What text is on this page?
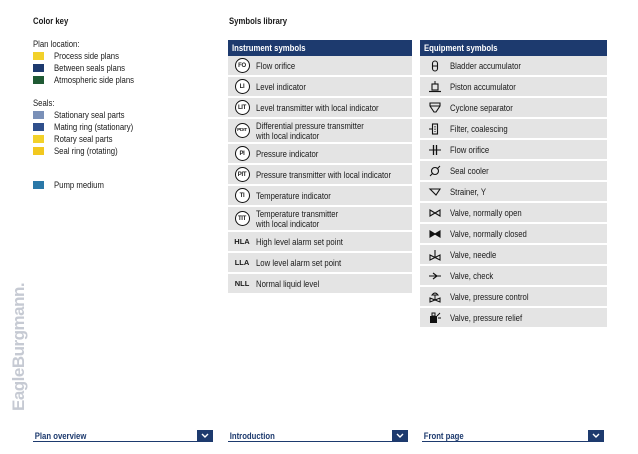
EagleBurgmann.
Color key	Symbols library
Plan location:
Process side plans
Between seals plans
Atmospheric side plans
Seals:
Stationary seal parts
Mating ring (stationary)
Rotary seal parts
Seal ring (rotating)
Pump medium
Instrument symbols
FO	Flow orifice
LI	Level indicator
LIT	Level transmitter with local indicator
PDIT Differential pressure transmitter
with local indicator
PI	Pressure indicator
PIT	Pressure transmitter with local indicator
TI	Temperature indicator
TIT	Temperature transmitter
with local indicator
HLA High level alarm set point
LLA Low level alarm set point
NLL Normal liquid level
Equipment symbols
Bladder accumulator
Piston accumulator
Cyclone separator
Filter, coalescing
Flow orifice
Seal cooler
Strainer, Y
Valve, normally open
Valve, normally closed
Valve, needle
Valve, check
Valve, pressure control
Valve, pressure relief
Plan overview	Introduction	Front page
